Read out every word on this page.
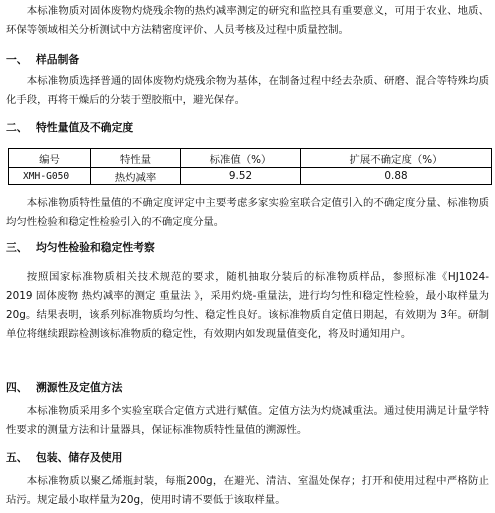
本标准物质对固体废物灼烧残余物的热灼减率测定的研究和监控具有重要意义，可用于农业、地质、环保等领域相关分析测试中方法精密度评价、人员考核及过程中质量控制。
一、 样品制备
本标准物质选择普通的固体废物灼烧残余物为基体，在制备过程中经去杂质、研磨、混合等特殊均质化手段，再将干燥后的分装于塑胶瓶中，避光保存。
二、 特性量值及不确定度
编号	特性量	标准值（%）	扩展不确定度（%）
XMH-G050	热灼减率	9.52	0.88
本标准物质特性量值的不确定度评定中主要考虑多家实验室联合定值引入的不确定度分量、标准物质均匀性检验和稳定性检验引入的不确定度分量。
三、 均匀性检验和稳定性考察
按照国家标准物质相关技术规范的要求，随机抽取分装后的标准物质样品，参照标准《HJ1024-2019 固体废物 热灼减率的测定 重量法 》，采用灼烧-重量法，进行均匀性和稳定性检验，最小取样量为20g。结果表明，该系列标准物质均匀性、稳定性良好。该标准物质自定值日期起，有效期为 3年。研制单位将继续跟踪检测该标准物质的稳定性，有效期内如发现量值变化，将及时通知用户。
四、 溯源性及定值方法
本标准物质采用多个实验室联合定值方式进行赋值。定值方法为灼烧减重法。通过使用满足计量学特性要求的测量方法和计量器具，保证标准物质特性量值的溯源性。
五、 包装、储存及使用
本标准物质以聚乙烯瓶封装，每瓶200g，在避光、清洁、室温处保存；打开和使用过程中严格防止玷污。规定最小取样量为20g，使用时请不要低于该取样量。
